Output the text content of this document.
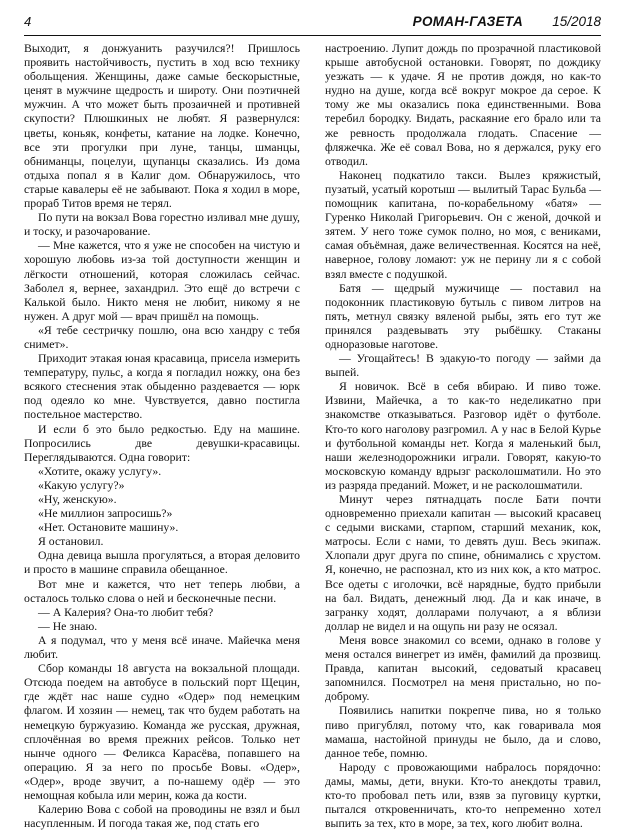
4	РОМАН-ГАЗЕТА 15/2018

Выходит, я донжуанить разучился?! Пришлось проявить настойчивость, пустить в ход всю технику обольщения. Женщины, даже самые бескорыстные, ценят в мужчине щедрость и широту. Они поэтичней мужчин. А что может быть прозаичней и противней скупости? Плюшкиных не любят. Я развернулся: цветы, коньяк, конфеты, катание на лодке. Конечно, все эти прогулки при луне, танцы, шманцы, обниманцы, поцелуи, щупанцы сказались. Из дома отдыха попал я в Калиг дом. Обнаружилось, что старые кавалеры её не забывают. Пока я ходил в море, прораб Титов время не терял.

По пути на вокзал Вова горестно изливал мне душу, и тоску, и разочарование.

— Мне кажется, что я уже не способен на чистую и хорошую любовь из-за той доступности женщин и лёгкости отношений, которая сложилась сейчас. Заболел я, вернее, захандрил. Это ещё до встречи с Калькой было. Никто меня не любит, никому я не нужен. А друг мой — врач пришёл на помощь.

«Я тебе сестричку пошлю, она всю хандру с тебя снимет».

Приходит этакая юная красавица, присела измерить температуру, пульс, а когда я погладил ножку, она без всякого стеснения этак обыденно раздевается — юрк под одеяло ко мне. Чувствуется, давно постигла постельное мастерство.

И если б это было редкостью. Еду на машине. Попросились две девушки-красавицы. Переглядываются. Одна говорит:

«Хотите, окажу услугу».

«Какую услугу?»

«Ну, женскую».

«Не миллион запросишь?»

«Нет. Остановите машину».

Я остановил.

Одна девица вышла прогуляться, а вторая деловито и просто в машине справила обещанное.

Вот мне и кажется, что нет теперь любви, а осталось только слова о ней и бесконечные песни.

— А Калерия? Она-то любит тебя?

— Не знаю.

А я подумал, что у меня всё иначе. Майечка меня любит.

Сбор команды 18 августа на вокзальной площади. Отсюда поедем на автобусе в польский порт Щецин, где ждёт нас наше судно «Одер» под немецким флагом. И хозяин — немец, так что будем работать на немецкую буржуазию. Команда же русская, дружная, сплочённая во время прежних рейсов. Только нет нынче одного — Феликса Карасёва, попавшего на операцию. Я за него по просьбе Вовы. «Одер», «Одер», вроде звучит, а по-нашему одёр — это немощная кобыла или мерин, кожа да кости.

Калерию Вова с собой на проводины не взял и был насупленным. И погода такая же, под стать его

настроению. Лупит дождь по прозрачной пластиковой крыше автобусной остановки. Говорят, по дождику уезжать — к удаче. Я не против дождя, но как-то нудно на душе, когда всё вокруг мокрое да серое. К тому же мы оказались пока единственными. Вова теребил бородку. Видать, раскаяние его брало или та же ревность продолжала глодать. Спасение — фляжечка. Же её совал Вова, но я держался, руку его отводил.

Наконец подкатило такси. Вылез кряжистый, пузатый, усатый коротыш — вылитый Тарас Бульба — помощник капитана, по-корабельному «батя» — Гуренко Николай Григорьевич. Он с женой, дочкой и зятем. У него тоже сумок полно, но моя, с вениками, самая объёмная, даже величественная. Косятся на неё, наверное, голову ломают: уж не перину ли я с собой взял вместе с подушкой.

Батя — щедрый мужичище — поставил на подоконник пластиковую бутыль с пивом литров на пять, метнул связку вяленой рыбы, зять его тут же принялся раздевывать эту рыбёшку. Стаканы одноразовые наготове.

— Угощайтесь! В эдакую-то погоду — займи да выпей.

Я новичок. Всё в себя вбираю. И пиво тоже. Извини, Майечка, а то как-то неделикатно при знакомстве отказываться. Разговор идёт о футболе. Кто-то кого наголову разгромил. А у нас в Белой Курье и футбольной команды нет. Когда я маленький был, наши железнодорожники играли. Говорят, какую-то московскую команду вдрызг расколошматили. Но это из разряда преданий. Может, и не расколошматили.

Минут через пятнадцать после Бати почти одновременно приехали капитан — высокий красавец с седыми висками, старпом, старший механик, кок, матросы. Если с нами, то девять душ. Весь экипаж. Хлопали друг друга по спине, обнимались с хрустом. Я, конечно, не распознал, кто из них кок, а кто матрос. Все одеты с иголочки, всё нарядные, будто прибыли на бал. Видать, денежный люд. Да и как иначе, в загранку ходят, долларами получают, а я вблизи доллар не видел и на ощупь ни разу не осязал.

Меня вовсе знакомил со всеми, однако в голове у меня остался винегрет из имён, фамилий да прозвищ. Правда, капитан высокий, седоватый красавец запомнился. Посмотрел на меня пристально, но по-доброму.

Появились напитки покрепче пива, но я только пиво пригублял, потому что, как говаривала моя мамаша, настойной принуды не было, да и слово, данное тебе, помню.

Народу с провожающими набралось порядочно: дамы, мамы, дети, внуки. Кто-то анекдоты травил, кто-то пробовал петь или, взяв за пуговицу куртки, пытался откровенничать, кто-то непременно хотел выпить за тех, кто в море, за тех, кого любит волна.
